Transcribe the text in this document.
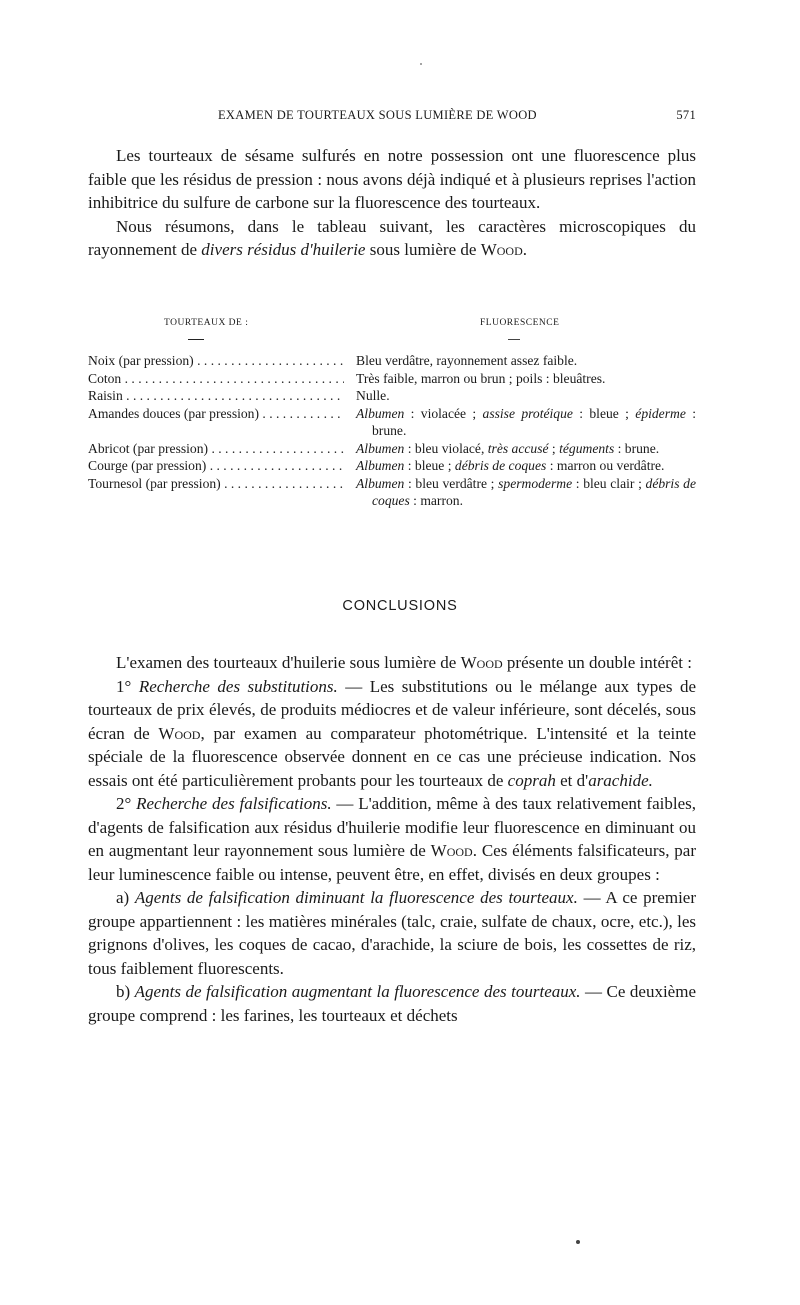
EXAMEN DE TOURTEAUX SOUS LUMIÈRE DE WOOD	571

Les tourteaux de sésame sulfurés en notre possession ont une fluorescence plus faible que les résidus de pression : nous avons déjà indiqué et à plusieurs reprises l'action inhibitrice du sulfure de carbone sur la fluorescence des tourteaux.

Nous résumons, dans le tableau suivant, les caractères microscopiques du rayonnement de divers résidus d'huilerie sous lumière de Wood.

TOURTEAUX DE :	FLUORESCENCE
Noix (par pression) . . .	Bleu verdâtre, rayonnement assez faible.
Coton . . .	Très faible, marron ou brun ; poils : bleuâtres.
Raisin . . .	Nulle.
Amandes douces (par pression) . . .	Albumen : violacée ; assise protéique : bleue ; épiderme : brune.
Abricot (par pression) . . .	Albumen : bleu violacé, très accusé ; téguments : brune.
Courge (par pression) . . .	Albumen : bleue ; débris de coques : marron ou verdâtre.
Tournesol (par pression) . . .	Albumen : bleu verdâtre ; spermoderme : bleu clair ; débris de coques : marron.
CONCLUSIONS

L'examen des tourteaux d'huilerie sous lumière de Wood présente un double intérêt :

1° Recherche des substitutions. — Les substitutions ou le mélange aux types de tourteaux de prix élevés, de produits médiocres et de valeur inférieure, sont décelés, sous écran de Wood, par examen au comparateur photométrique. L'intensité et la teinte spéciale de la fluorescence observée donnent en ce cas une précieuse indication. Nos essais ont été particulièrement probants pour les tourteaux de coprah et d'arachide.

2° Recherche des falsifications. — L'addition, même à des taux relativement faibles, d'agents de falsification aux résidus d'huilerie modifie leur fluorescence en diminuant ou en augmentant leur rayonnement sous lumière de Wood. Ces éléments falsificateurs, par leur luminescence faible ou intense, peuvent être, en effet, divisés en deux groupes :

a) Agents de falsification diminuant la fluorescence des tourteaux. — A ce premier groupe appartiennent : les matières minérales (talc, craie, sulfate de chaux, ocre, etc.), les grignons d'olives, les coques de cacao, d'arachide, la sciure de bois, les cossettes de riz, tous faiblement fluorescents.

b) Agents de falsification augmentant la fluorescence des tourteaux. — Ce deuxième groupe comprend : les farines, les tourteaux et déchets
